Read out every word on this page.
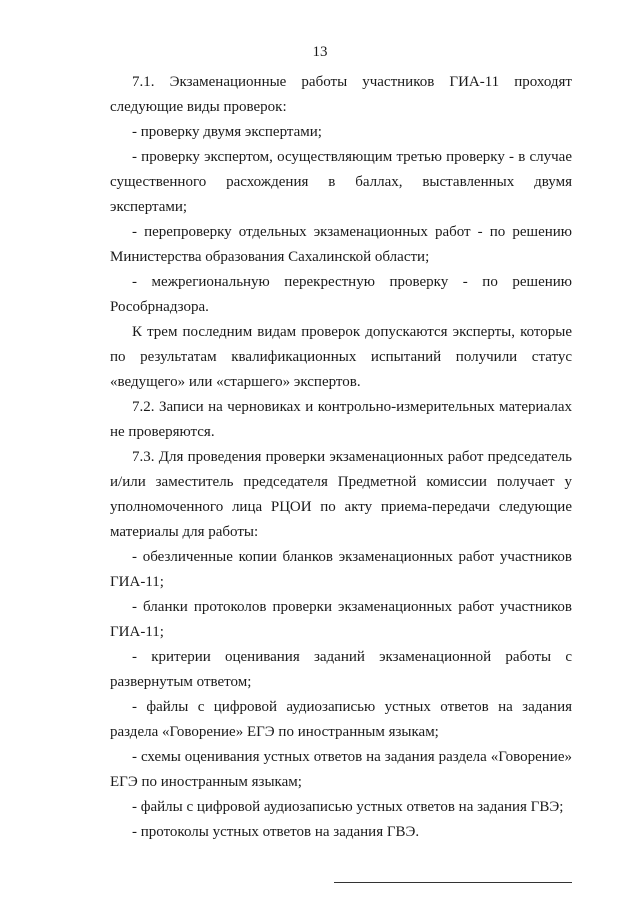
13

7.1. Экзаменационные работы участников ГИА-11 проходят следующие виды проверок:

- проверку двумя экспертами;

- проверку экспертом, осуществляющим третью проверку - в случае существенного расхождения в баллах, выставленных двумя экспертами;

- перепроверку отдельных экзаменационных работ - по решению Министерства образования Сахалинской области;

- межрегиональную перекрестную проверку - по решению Рособрнадзора.

К трем последним видам проверок допускаются эксперты, которые по результатам квалификационных испытаний получили статус «ведущего» или «старшего» экспертов.

7.2. Записи на черновиках и контрольно-измерительных материалах не проверяются.

7.3. Для проведения проверки экзаменационных работ председатель и/или заместитель председателя Предметной комиссии получает у уполномоченного лица РЦОИ по акту приема-передачи следующие материалы для работы:

- обезличенные копии бланков экзаменационных работ участников ГИА-11;

- бланки протоколов проверки экзаменационных работ участников ГИА-11;

- критерии оценивания заданий экзаменационной работы с развернутым ответом;

- файлы с цифровой аудиозаписью устных ответов на задания раздела «Говорение» ЕГЭ по иностранным языкам;

- схемы оценивания устных ответов на задания раздела «Говорение» ЕГЭ по иностранным языкам;

- файлы с цифровой аудиозаписью устных ответов на задания ГВЭ;

- протоколы устных ответов на задания ГВЭ.
